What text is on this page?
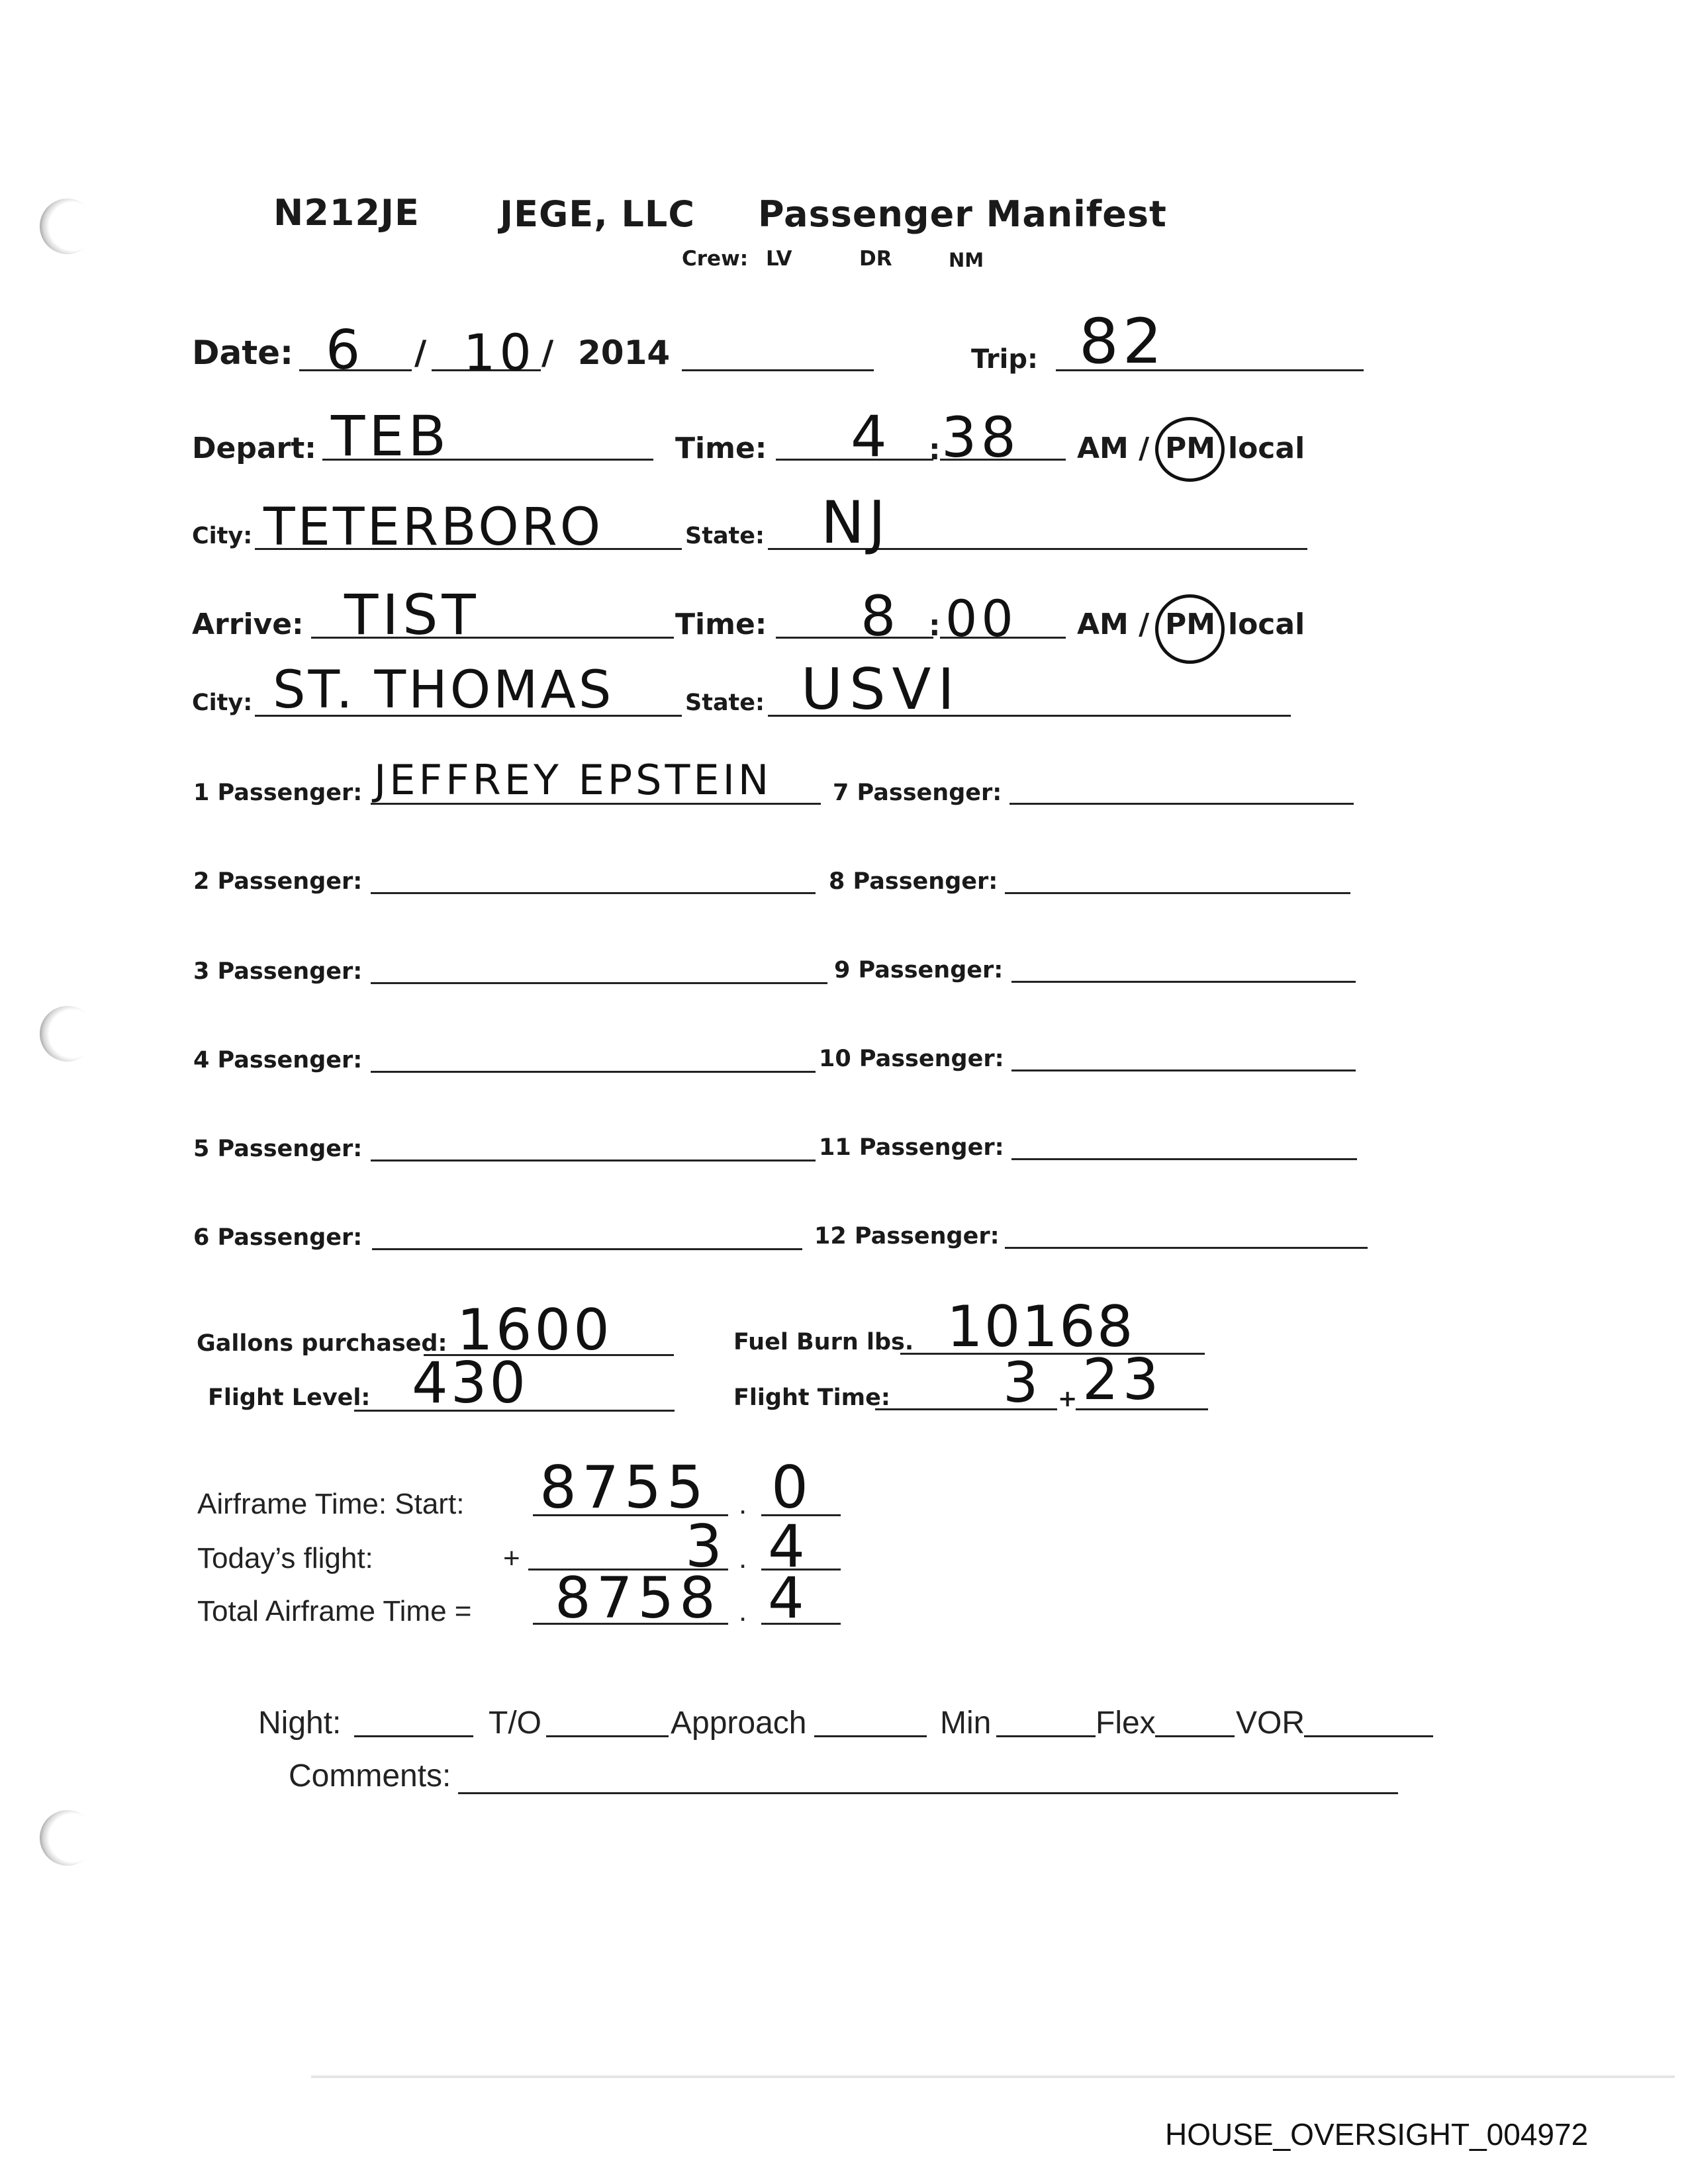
N212JE JEGE, LLC Passenger Manifest
Crew: LV	DR	NM
Date: 6 / 10 / 2014	Trip: 82
Depart: TEB	Time: 4 : 38 AM / PM local
City: TETERBORO	State: NJ
Arrive: TIST	Time: 8 : 00 AM / PM local
City: ST. THOMAS	State: USVI
1 Passenger: JEFFREY EPSTEIN
2 Passenger:
3 Passenger:
4 Passenger:
5 Passenger:
6 Passenger:
7 Passenger:
8 Passenger:
9 Passenger:
10 Passenger:
11 Passenger:
12 Passenger:
Gallons purchased: 1600	Fuel Burn lbs. 10168
Flight Level: 430	Flight Time: 3 + 23
Airframe Time: Start: 8755 . 0
Today’s flight:	+	3 . 4
Total Airframe Time = 8758 . 4
Night:	T/O	Approach	Min	Flex	VOR
Comments:
HOUSE_OVERSIGHT_004972
